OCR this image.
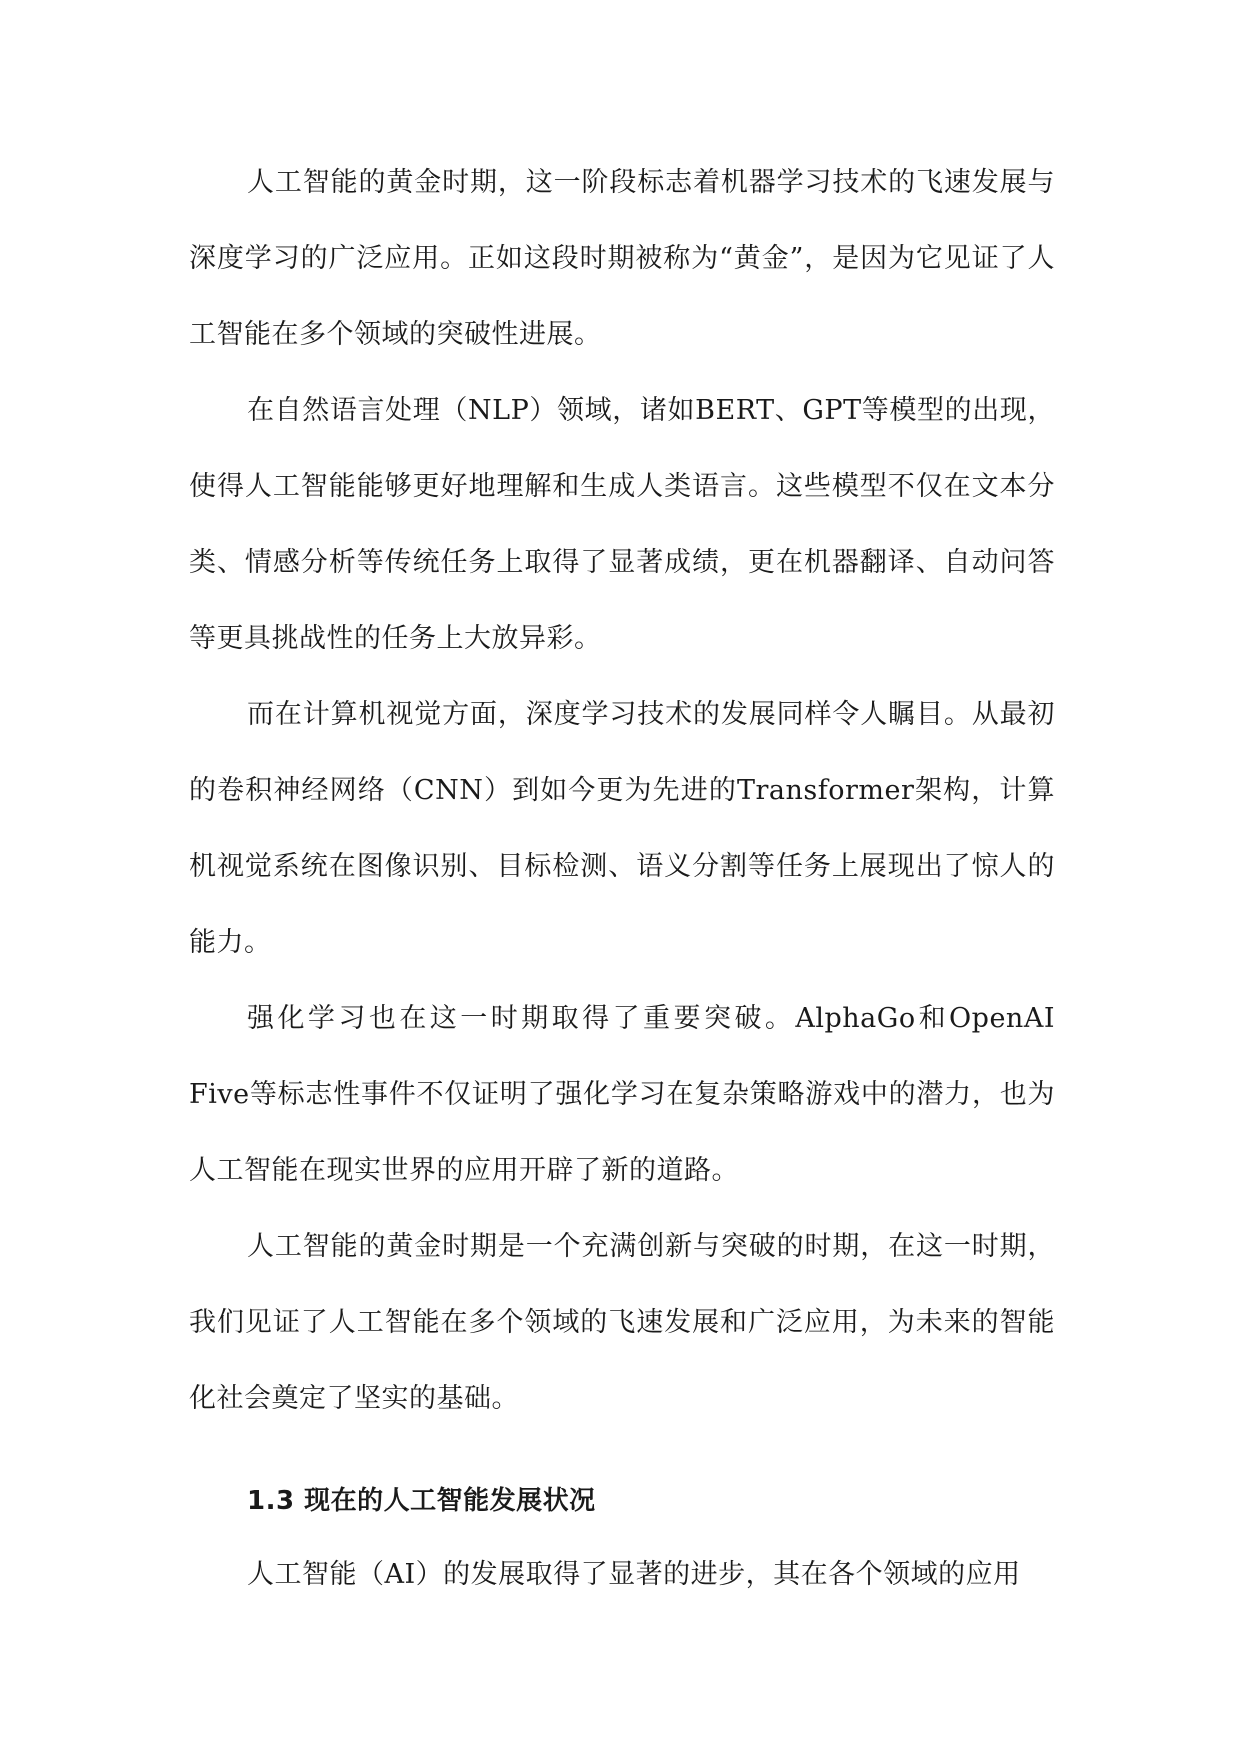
人工智能的黄金时期，这一阶段标志着机器学习技术的飞速发展与深度学习的广泛应用。正如这段时期被称为“黄金”，是因为它见证了人工智能在多个领域的突破性进展。

在自然语言处理（NLP）领域，诸如BERT、GPT等模型的出现，使得人工智能能够更好地理解和生成人类语言。这些模型不仅在文本分类、情感分析等传统任务上取得了显著成绩，更在机器翻译、自动问答等更具挑战性的任务上大放异彩。

而在计算机视觉方面，深度学习技术的发展同样令人瞩目。从最初的卷积神经网络（CNN）到如今更为先进的Transformer架构，计算机视觉系统在图像识别、目标检测、语义分割等任务上展现出了惊人的能力。

强化学习也在这一时期取得了重要突破。AlphaGo和OpenAI Five等标志性事件不仅证明了强化学习在复杂策略游戏中的潜力，也为人工智能在现实世界的应用开辟了新的道路。

人工智能的黄金时期是一个充满创新与突破的时期，在这一时期，我们见证了人工智能在多个领域的飞速发展和广泛应用，为未来的智能化社会奠定了坚实的基础。

1.3 现在的人工智能发展状况

人工智能（AI）的发展取得了显著的进步，其在各个领域的应用
